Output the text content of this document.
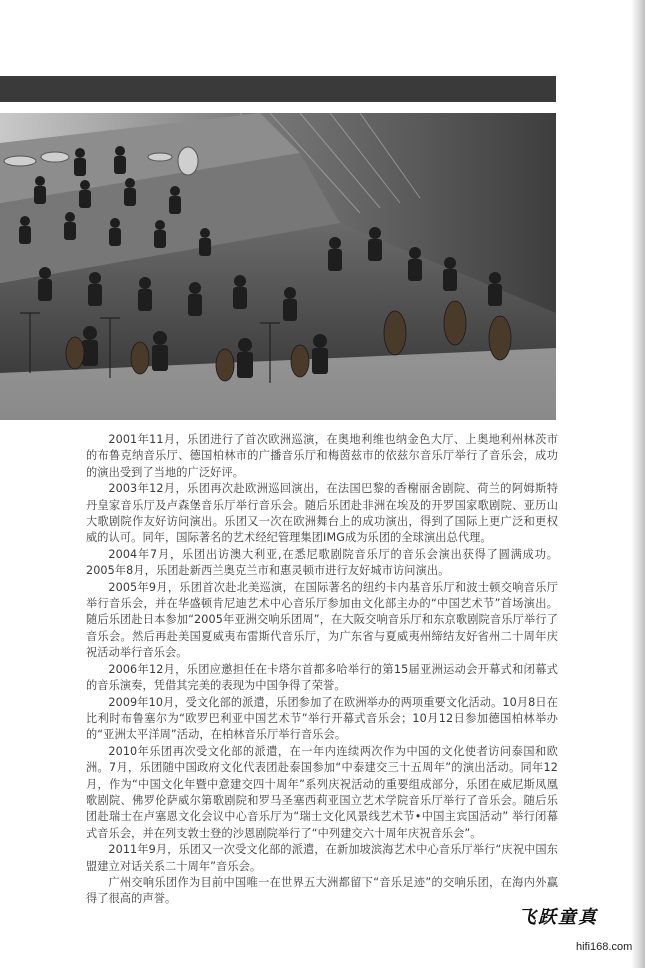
2001年11月，乐团进行了首次欧洲巡演，在奥地利维也纳金色大厅、上奥地利州林茨市的布鲁克纳音乐厅、德国柏林市的广播音乐厅和梅茵兹市的依兹尔音乐厅举行了音乐会，成功的演出受到了当地的广泛好评。

2003年12月，乐团再次赴欧洲巡回演出，在法国巴黎的香榭丽舍剧院、荷兰的阿姆斯特丹皇家音乐厅及卢森堡音乐厅举行音乐会。随后乐团赴非洲在埃及的开罗国家歌剧院、亚历山大歌剧院作友好访问演出。乐团又一次在欧洲舞台上的成功演出，得到了国际上更广泛和更权威的认可。同年，国际著名的艺术经纪管理集团IMG成为乐团的全球演出总代理。

2004年7月，乐团出访澳大利亚,在悉尼歌剧院音乐厅的音乐会演出获得了圆满成功。2005年8月，乐团赴新西兰奥克兰市和惠灵顿市进行友好城市访问演出。

2005年9月，乐团首次赴北美巡演，在国际著名的纽约卡内基音乐厅和波士顿交响音乐厅举行音乐会，并在华盛顿肯尼迪艺术中心音乐厅参加由文化部主办的“中国艺术节”首场演出。随后乐团赴日本参加“2005年亚洲交响乐团周”，在大阪交响音乐厅和东京歌剧院音乐厅举行了音乐会。然后再赴美国夏威夷布雷斯代音乐厅，为广东省与夏威夷州缔结友好省州二十周年庆祝活动举行音乐会。

2006年12月，乐团应邀担任在卡塔尔首都多哈举行的第15届亚洲运动会开幕式和闭幕式的音乐演奏，凭借其完美的表现为中国争得了荣誉。

2009年10月，受文化部的派遣，乐团参加了在欧洲举办的两项重要文化活动。10月8日在比利时布鲁塞尔为“欧罗巴利亚中国艺术节”举行开幕式音乐会；10月12日参加德国柏林举办的“亚洲太平洋周”活动，在柏林音乐厅举行音乐会。

2010年乐团再次受文化部的派遣，在一年内连续两次作为中国的文化使者访问泰国和欧洲。7月，乐团随中国政府文化代表团赴泰国参加“中泰建交三十五周年”的演出活动。同年12月，作为“中国文化年暨中意建交四十周年”系列庆祝活动的重要组成部分，乐团在威尼斯凤凰歌剧院、佛罗伦萨威尔第歌剧院和罗马圣塞西莉亚国立艺术学院音乐厅举行了音乐会。随后乐团赴瑞士在卢塞恩文化会议中心音乐厅为“瑞士文化风景线艺术节•中国主宾国活动” 举行闭幕式音乐会，并在列支敦士登的沙恩剧院举行了“中列建交六十周年庆祝音乐会”。

2011年9月，乐团又一次受文化部的派遣，在新加坡滨海艺术中心音乐厅举行“庆祝中国东盟建立对话关系二十周年”音乐会。

广州交响乐团作为目前中国唯一在世界五大洲都留下“音乐足迹”的交响乐团，在海内外赢得了很高的声誉。

飞跃童真
hifi168.com
